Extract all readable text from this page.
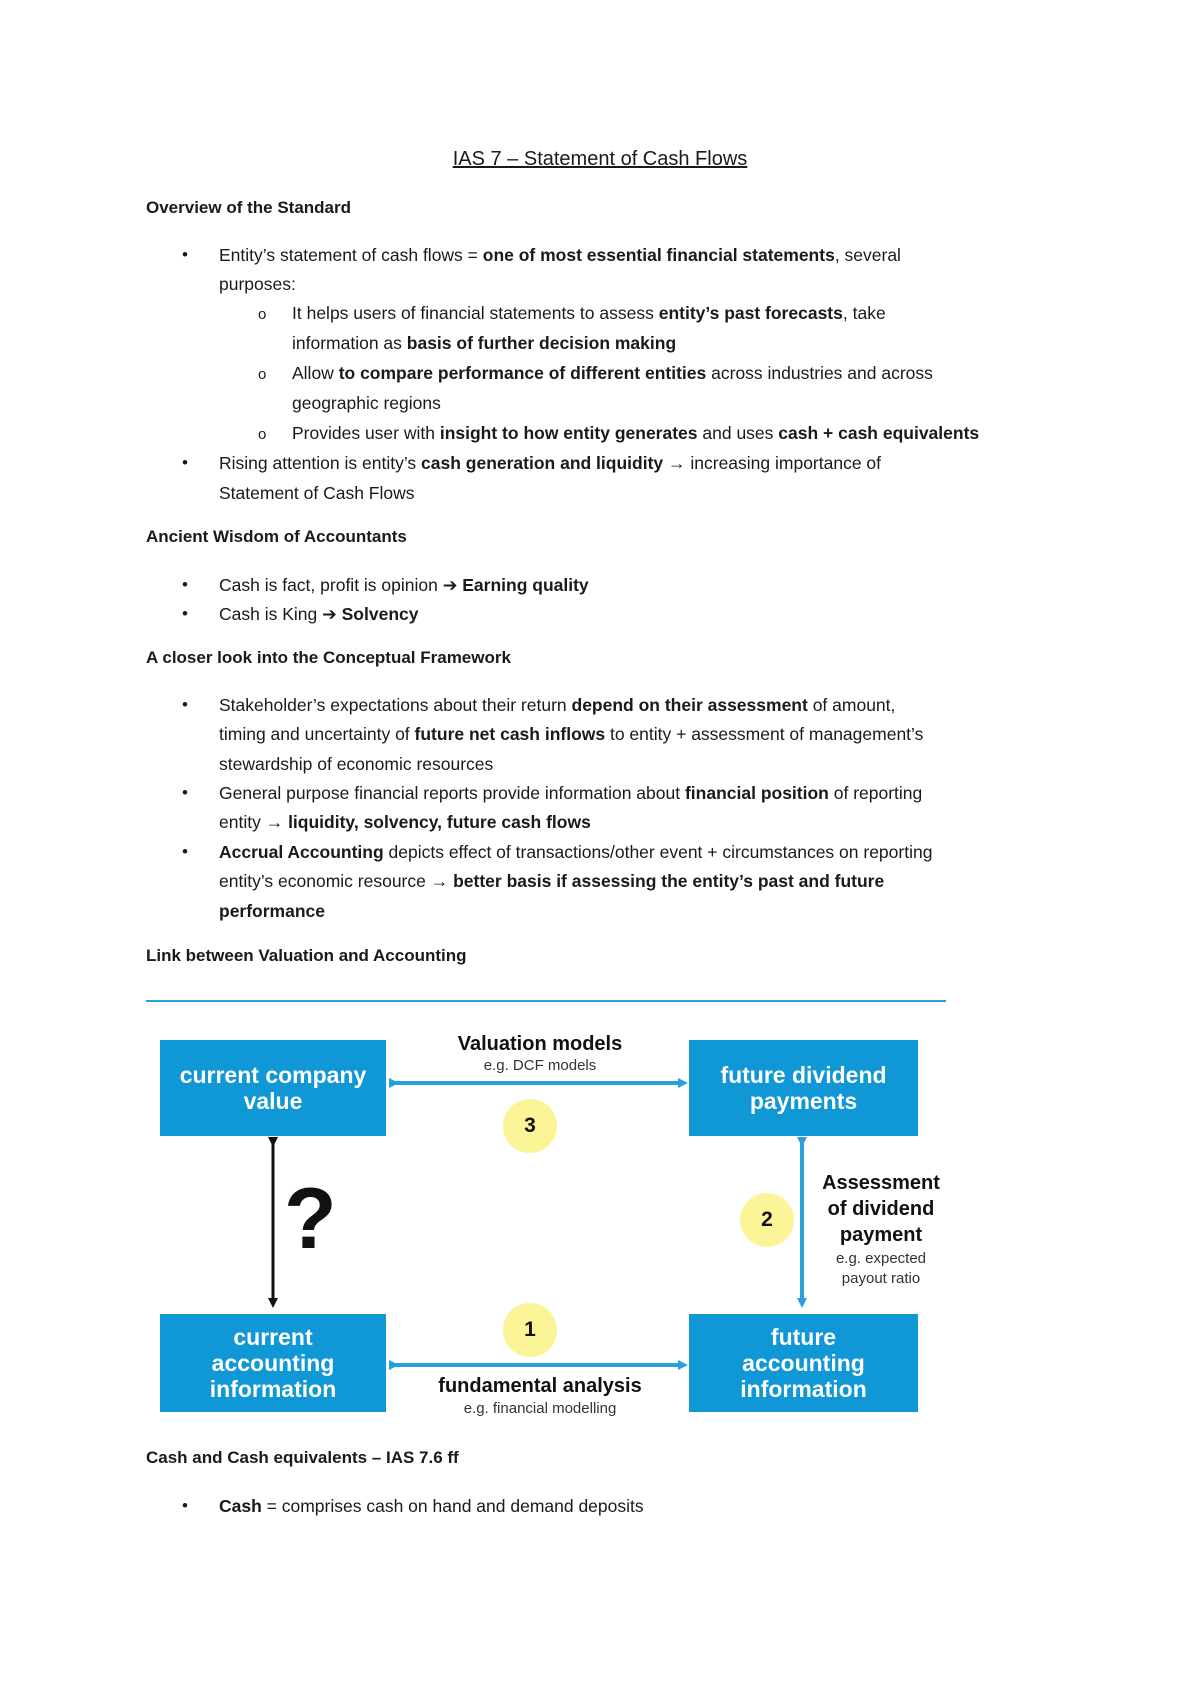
IAS 7 – Statement of Cash Flows
Overview of the Standard
• Entity’s statement of cash flows = one of most essential financial statements, several
purposes:
o It helps users of financial statements to assess entity’s past forecasts, take
information as basis of further decision making
o Allow to compare performance of different entities across industries and across
geographic regions
o Provides user with insight to how entity generates and uses cash + cash equivalents
• Rising attention is entity’s cash generation and liquidity → increasing importance of
Statement of Cash Flows
Ancient Wisdom of Accountants
• Cash is fact, profit is opinion ➔ Earning quality
• Cash is King ➔ Solvency
A closer look into the Conceptual Framework
• Stakeholder’s expectations about their return depend on their assessment of amount,
timing and uncertainty of future net cash inflows to entity + assessment of management’s
stewardship of economic resources
• General purpose financial reports provide information about financial position of reporting
entity → liquidity, solvency, future cash flows
• Accrual Accounting depicts effect of transactions/other event + circumstances on reporting
entity’s economic resource → better basis if assessing the entity’s past and future
performance
Link between Valuation and Accounting
current company
value
future dividend
payments
current
accounting
information
future
accounting
information
Valuation models
e.g. DCF models
fundamental analysis
e.g. financial modelling
Assessment
of dividend
payment
e.g. expected
payout ratio
3
2
1
?
Cash and Cash equivalents – IAS 7.6 ff
• Cash = comprises cash on hand and demand deposits
